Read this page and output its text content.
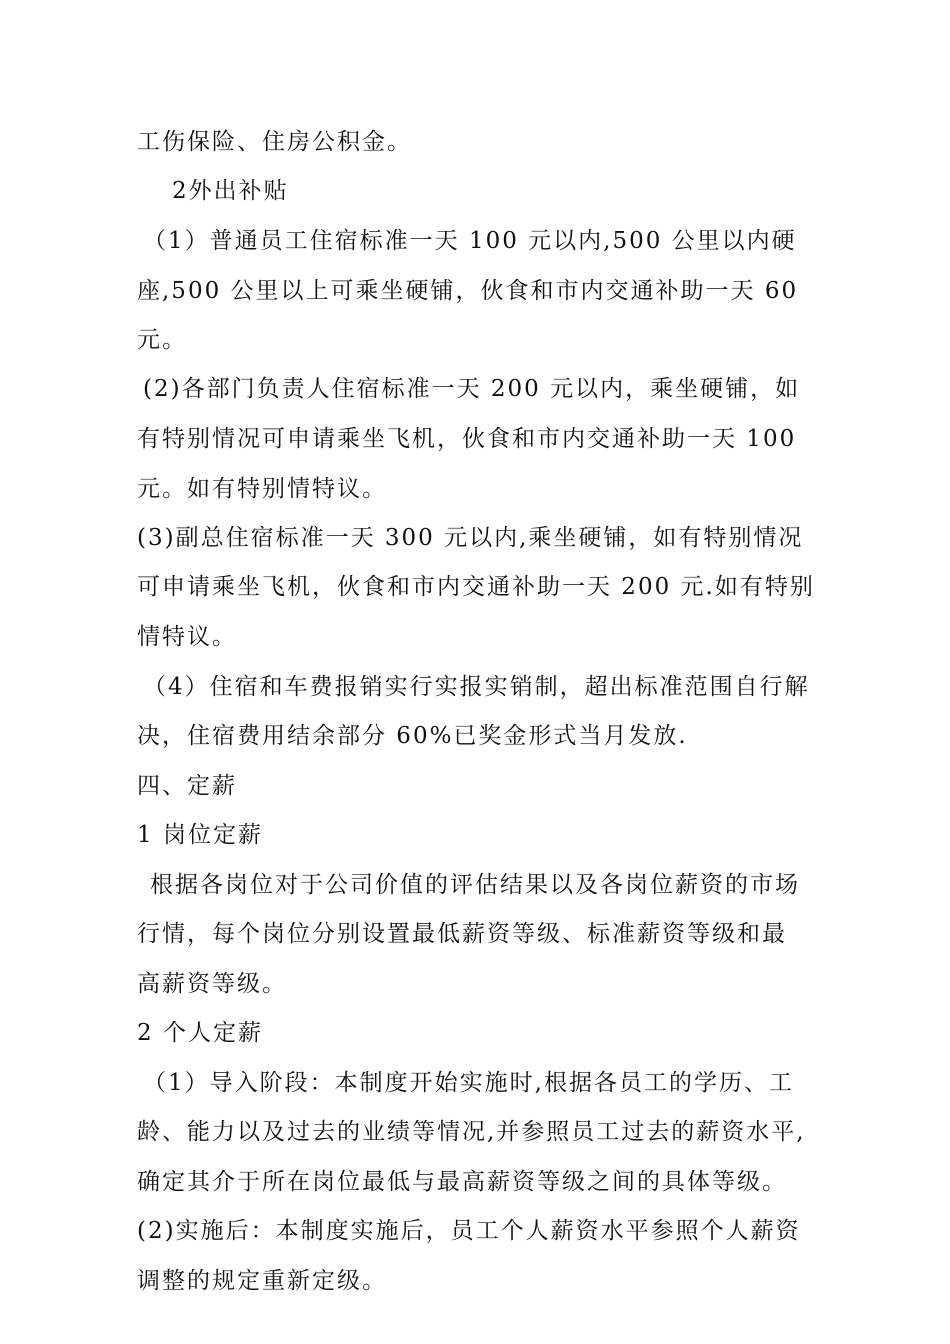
工伤保险、住房公积金。
2外出补贴
（1）普通员工住宿标准一天 100 元以内,500 公里以内硬
座,500 公里以上可乘坐硬铺，伙食和市内交通补助一天 60
元。
(2)各部门负责人住宿标准一天 200 元以内，乘坐硬铺，如
有特别情况可申请乘坐飞机，伙食和市内交通补助一天 100
元。如有特别情特议。
(3)副总住宿标准一天 300 元以内,乘坐硬铺，如有特别情况
可申请乘坐飞机，伙食和市内交通补助一天 200 元.如有特别
情特议。
（4）住宿和车费报销实行实报实销制，超出标准范围自行解
决，住宿费用结余部分 60%已奖金形式当月发放.
四、定薪
1 岗位定薪
根据各岗位对于公司价值的评估结果以及各岗位薪资的市场
行情，每个岗位分别设置最低薪资等级、标准薪资等级和最
高薪资等级。
2 个人定薪
（1）导入阶段：本制度开始实施时,根据各员工的学历、工
龄、能力以及过去的业绩等情况,并参照员工过去的薪资水平,
确定其介于所在岗位最低与最高薪资等级之间的具体等级。
(2)实施后：本制度实施后，员工个人薪资水平参照个人薪资
调整的规定重新定级。
